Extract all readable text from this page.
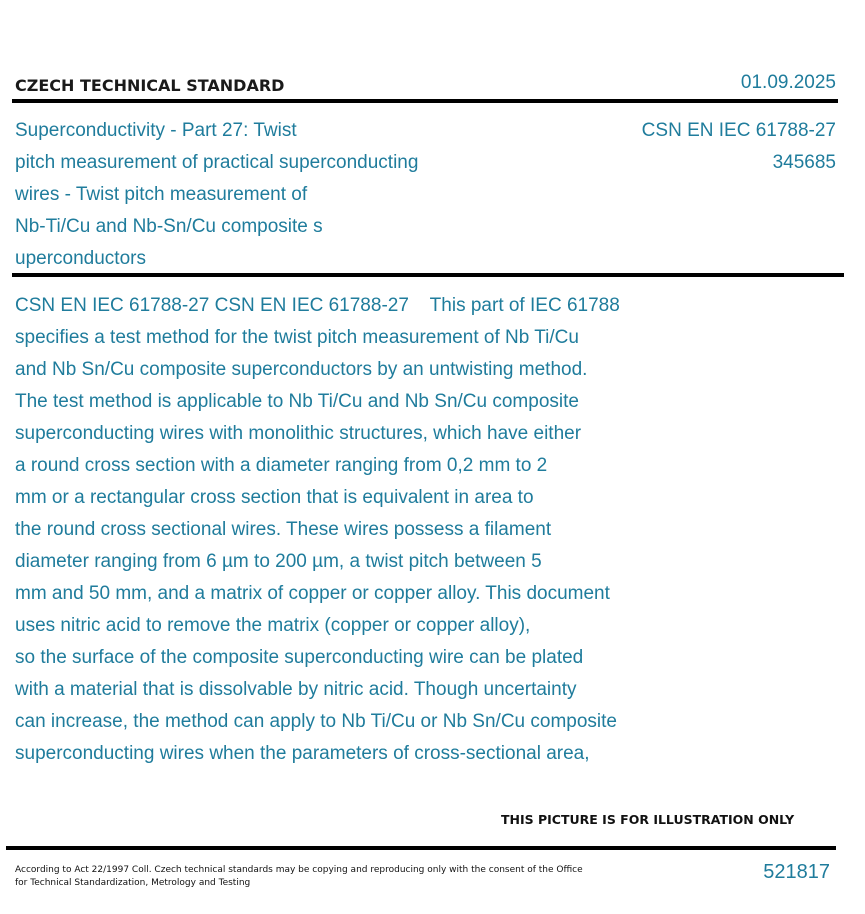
CZECH TECHNICAL STANDARD	01.09.2025
Superconductivity - Part 27: Twist
pitch measurement of practical superconducting
wires - Twist pitch measurement of
Nb-Ti/Cu and Nb-Sn/Cu composite s
uperconductors
CSN EN IEC 61788-27
345685
CSN EN IEC 61788-27 CSN EN IEC 61788-27    This part of IEC 61788
specifies a test method for the twist pitch measurement of Nb Ti/Cu
and Nb Sn/Cu composite superconductors by an untwisting method.
The test method is applicable to Nb Ti/Cu and Nb Sn/Cu composite
superconducting wires with monolithic structures, which have either
a round cross section with a diameter ranging from 0,2 mm to 2
mm or a rectangular cross section that is equivalent in area to
the round cross sectional wires. These wires possess a filament
diameter ranging from 6 µm to 200 µm, a twist pitch between 5
mm and 50 mm, and a matrix of copper or copper alloy. This document
uses nitric acid to remove the matrix (copper or copper alloy),
so the surface of the composite superconducting wire can be plated
with a material that is dissolvable by nitric acid. Though uncertainty
can increase, the method can apply to Nb Ti/Cu or Nb Sn/Cu composite
superconducting wires when the parameters of cross-sectional area,
THIS PICTURE IS FOR ILLUSTRATION ONLY
According to Act 22/1997 Coll. Czech technical standards may be copying and reproducing only with the consent of the Office
for Technical Standardization, Metrology and Testing	521817
